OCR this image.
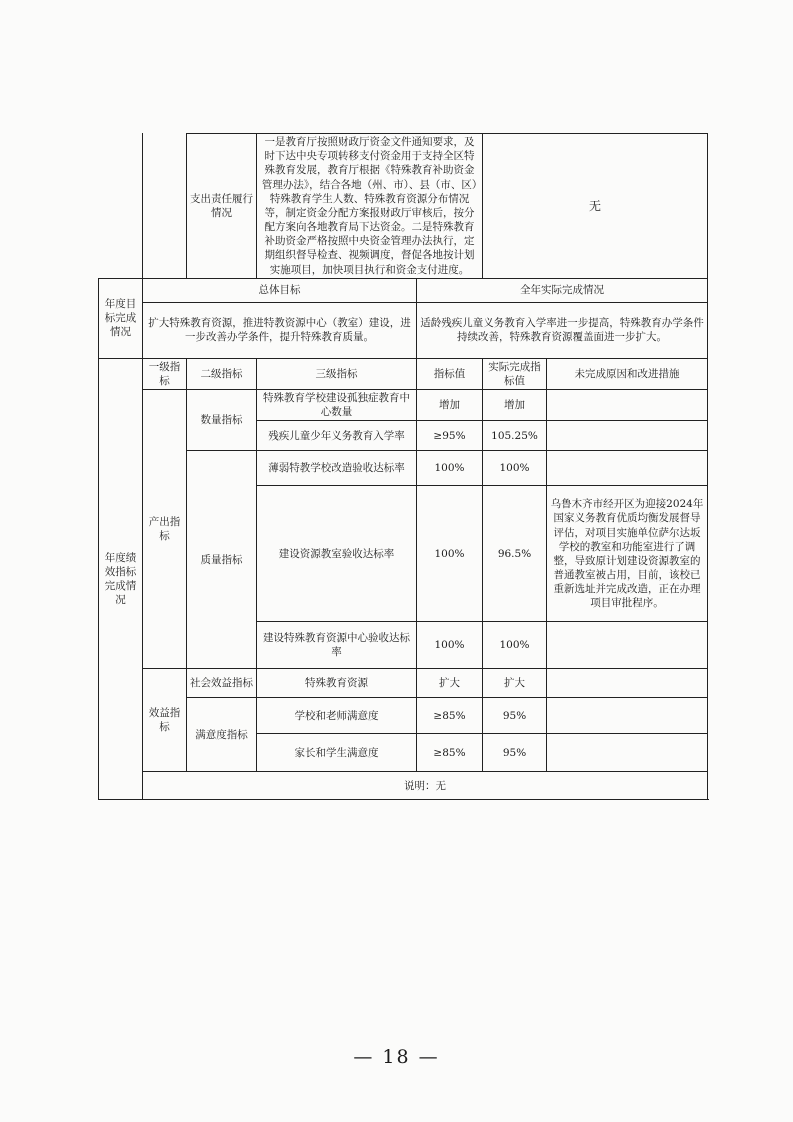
		支出责任履行情况	一是教育厅按照财政厅资金文件通知要求，及时下达中央专项转移支付资金用于支持全区特殊教育发展，教育厅根据《特殊教育补助资金管理办法》，结合各地（州、市）、县（市、区）特殊教育学生人数、特殊教育资源分布情况等，制定资金分配方案报财政厅审核后，按分配方案向各地教育局下达资金。二是特殊教育补助资金严格按照中央资金管理办法执行，定期组织督导检查、视频调度，督促各地按计划实施项目，加快项目执行和资金支付进度。		无	
年度目标完成情况	总体目标			全年实际完成情况		
	扩大特殊教育资源，推进特教资源中心（教室）建设，进一步改善办学条件，提升特殊教育质量。			适龄残疾儿童义务教育入学率进一步提高，特殊教育办学条件持续改善，特殊教育资源覆盖面进一步扩大。		
年度绩效指标完成情况	一级指标	二级指标	三级指标	指标值	实际完成指标值	未完成原因和改进措施
	产出指标	数量指标	特殊教育学校建设孤独症教育中心数量	增加	增加	
			残疾儿童少年义务教育入学率	≥95%	105.25%	
		质量指标	薄弱特教学校改造验收达标率	100%	100%	
			建设资源教室验收达标率	100%	96.5%	乌鲁木齐市经开区为迎接2024年国家义务教育优质均衡发展督导评估，对项目实施单位萨尔达坂学校的教室和功能室进行了调整，导致原计划建设资源教室的普通教室被占用，目前，该校已重新选址并完成改造，正在办理项目审批程序。
			建设特殊教育资源中心验收达标率	100%	100%	
	效益指标	社会效益指标	特殊教育资源	扩大	扩大	
		满意度指标	学校和老师满意度	≥85%	95%	
			家长和学生满意度	≥85%	95%	
	说明：无					
— 18 —
